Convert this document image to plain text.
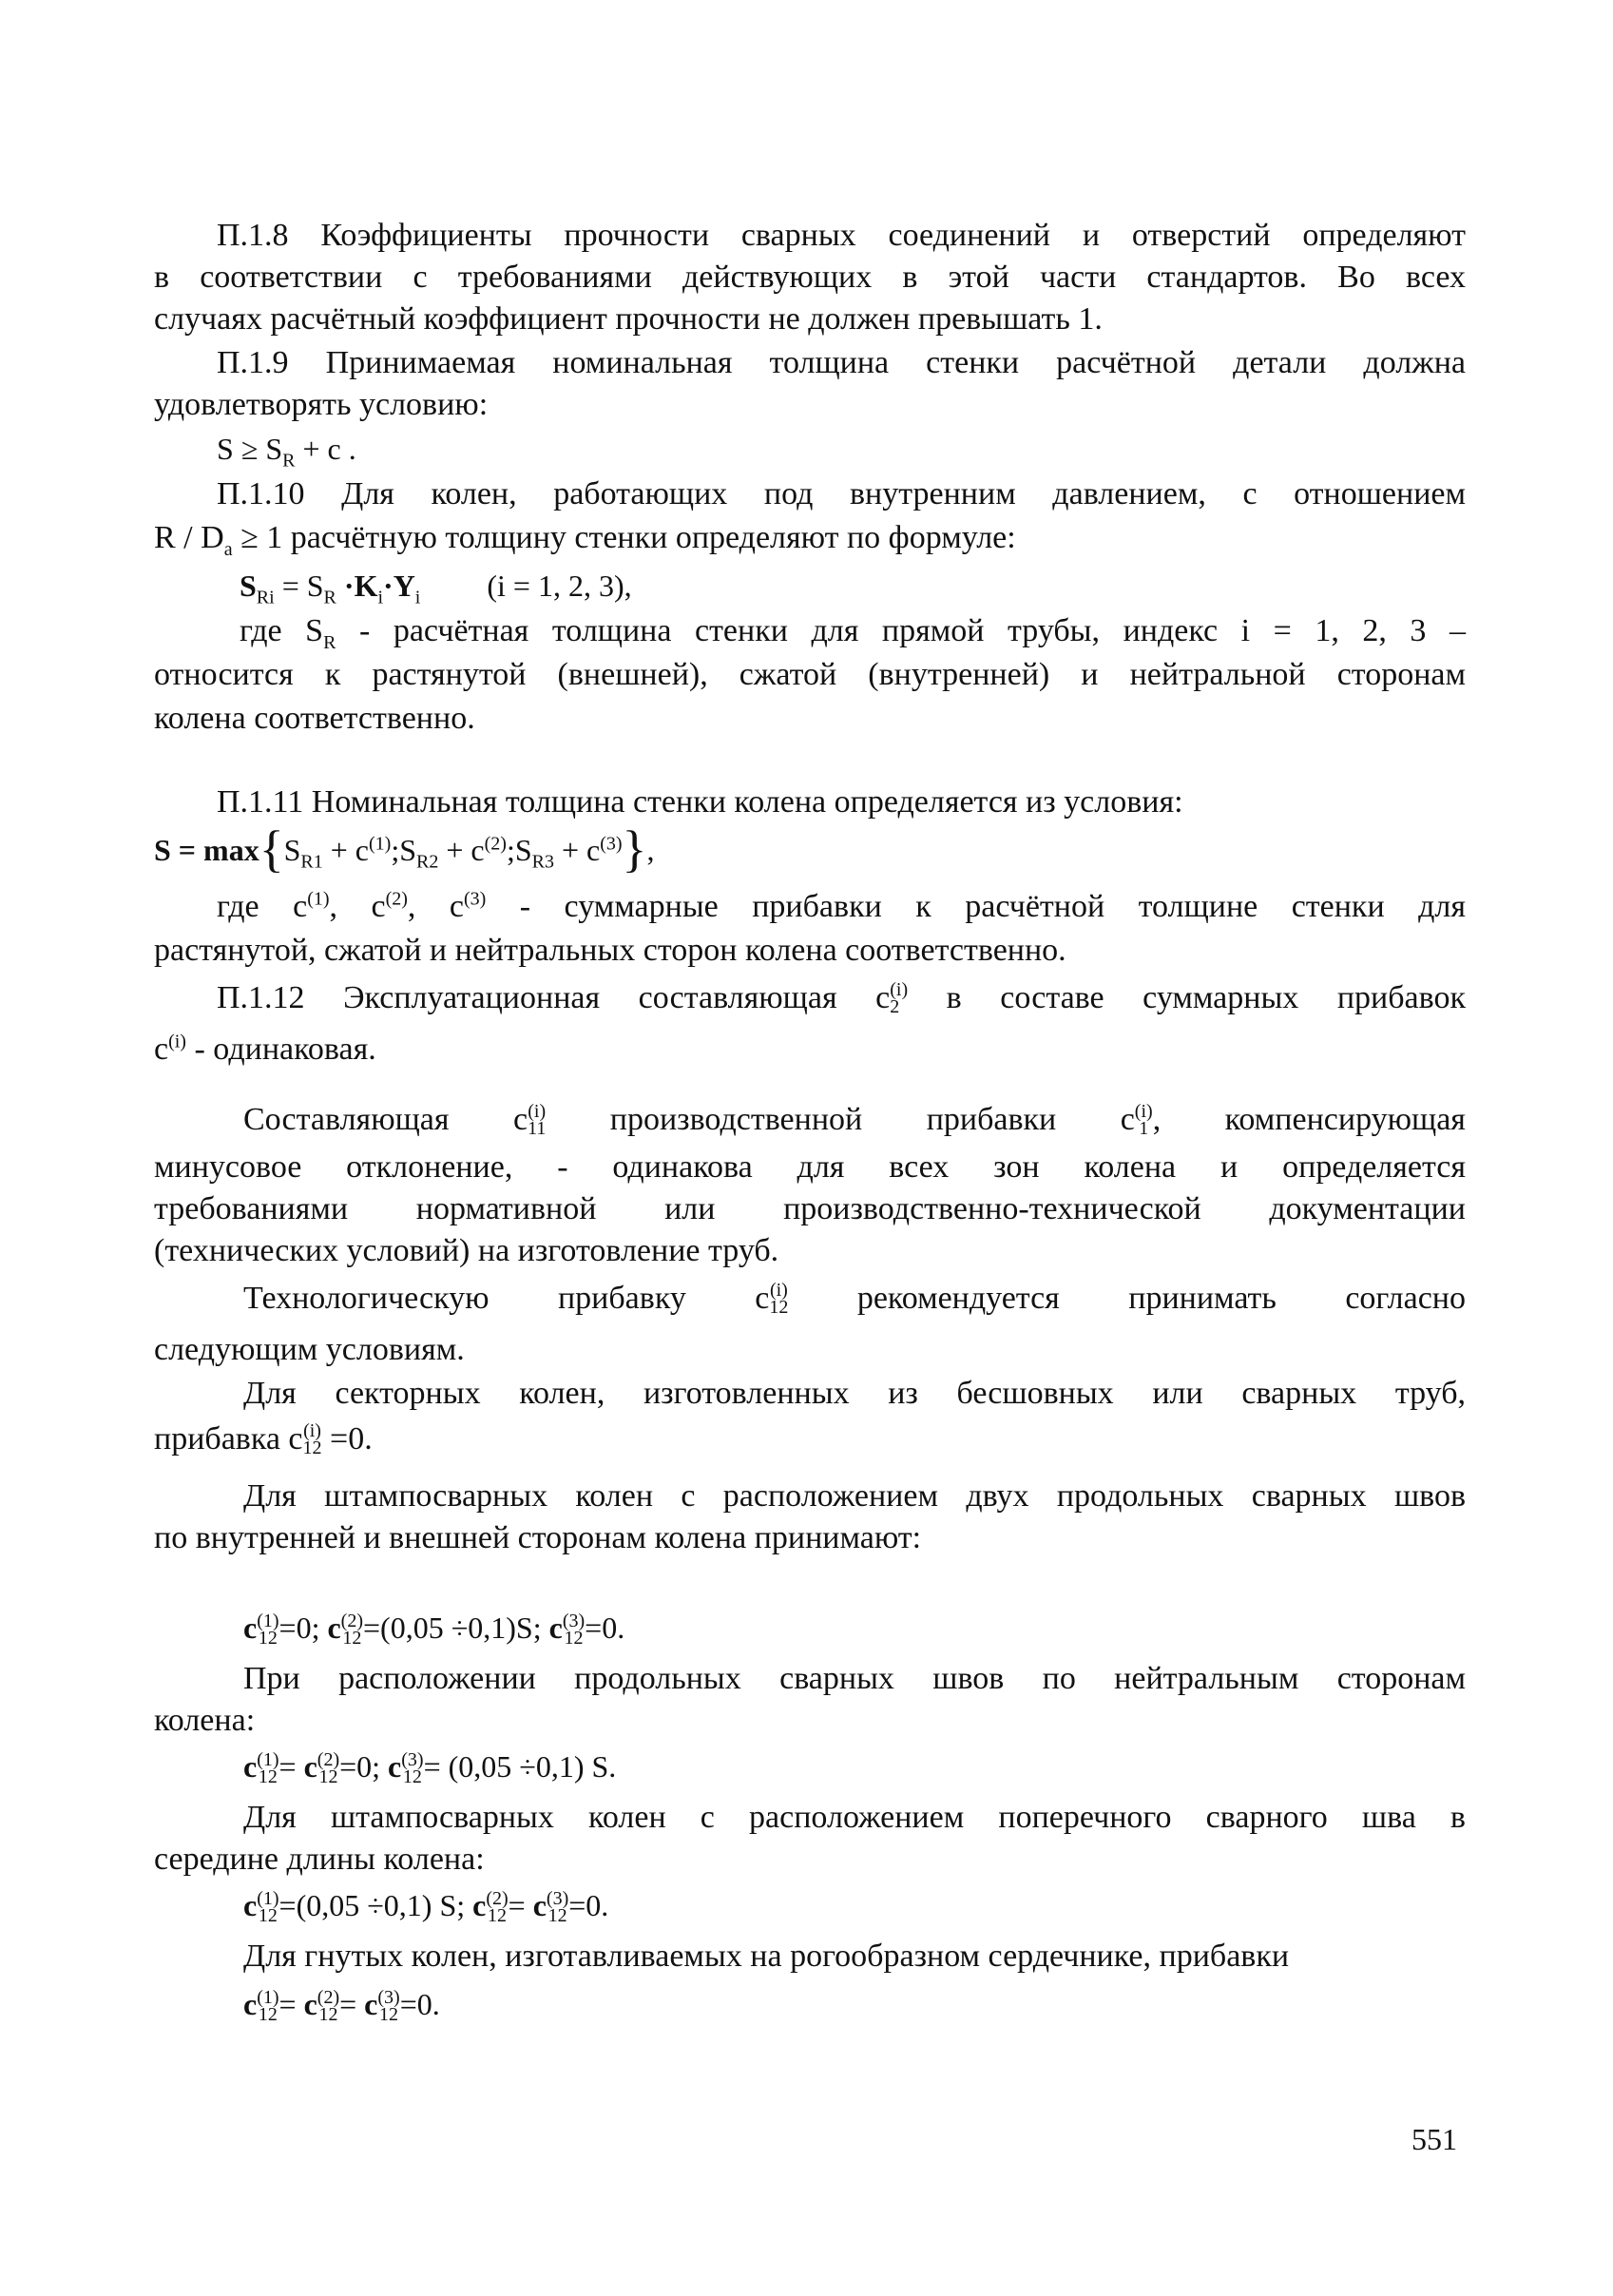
П.1.8 Коэффициенты прочности сварных соединений и отверстий определяют
в соответствии с требованиями действующих в этой части стандартов. Во всех
случаях расчётный коэффициент прочности не должен превышать 1.
П.1.9 Принимаемая номинальная толщина стенки расчётной детали должна
удовлетворять условию:
$S \ge S_R + c$ .
П.1.10 Для колен, работающих под внутренним давлением, с отношением
$R / D_a \ge 1$ расчётную толщину стенки определяют по формуле:
$S_{Ri} = S_R \cdot K_i\cdot Y_i$ (i = 1, 2, 3),
где $S_R$ - расчётная толщина стенки для прямой трубы, индекс i = 1, 2, 3 –
относится к растянутой (внешней), сжатой (внутренней) и нейтральной сторонам
колена соответственно.
П.1.11 Номинальная толщина стенки колена определяется из условия:
$S = \max\{S_{R1}$ + $c^{(1)};S_{R2}$ + $c^{(2)};S_{R3} + c^{(3)}$},
где $c^{(1)}$, $c^{(2)}$, $c^{(3)}$ - суммарные прибавки к расчётной толщине стенки для
растянутой, сжатой и нейтральных сторон колена соответственно.
П.1.12 Эксплуатационная составляющая c (i)
2 в составе суммарных прибавок
$c^{(i)}$ - одинаковая.
Составляющая c (i)
11 производственной прибавки c (i)
1 , компенсирующая
минусовое отклонение, - одинакова для всех зон колена и определяется
требованиями нормативной или производственно-технической документации
(технических условий) на изготовление труб.
Технологическую прибавку c (i)
12 рекомендуется принимать согласно
следующим условиям.
Для секторных колен, изготовленных из бесшовных или сварных труб,
прибавка c (i)
12 =0.
Для штампосварных колен с расположением двух продольных сварных швов
по внутренней и внешней сторонам колена принимают:
c (1)
12 =0; c (2)
12 =(0,05 ÷0,1)S; c (3)
12 =0.
При расположении продольных сварных швов по нейтральным сторонам
колена:
c (1)
12 = c (2)
12 =0; c (3)
12 = (0,05 ÷0,1) S.
Для штампосварных колен с расположением поперечного сварного шва в
середине длины колена:
c (1)
12 =(0,05 ÷0,1) S; c (2)
12 = c (3)
12 =0.
Для гнутых колен, изготавливаемых на рогообразном сердечнике, прибавки
c (1)
12 = c (2)
12 = c (3)
12 =0.
551
